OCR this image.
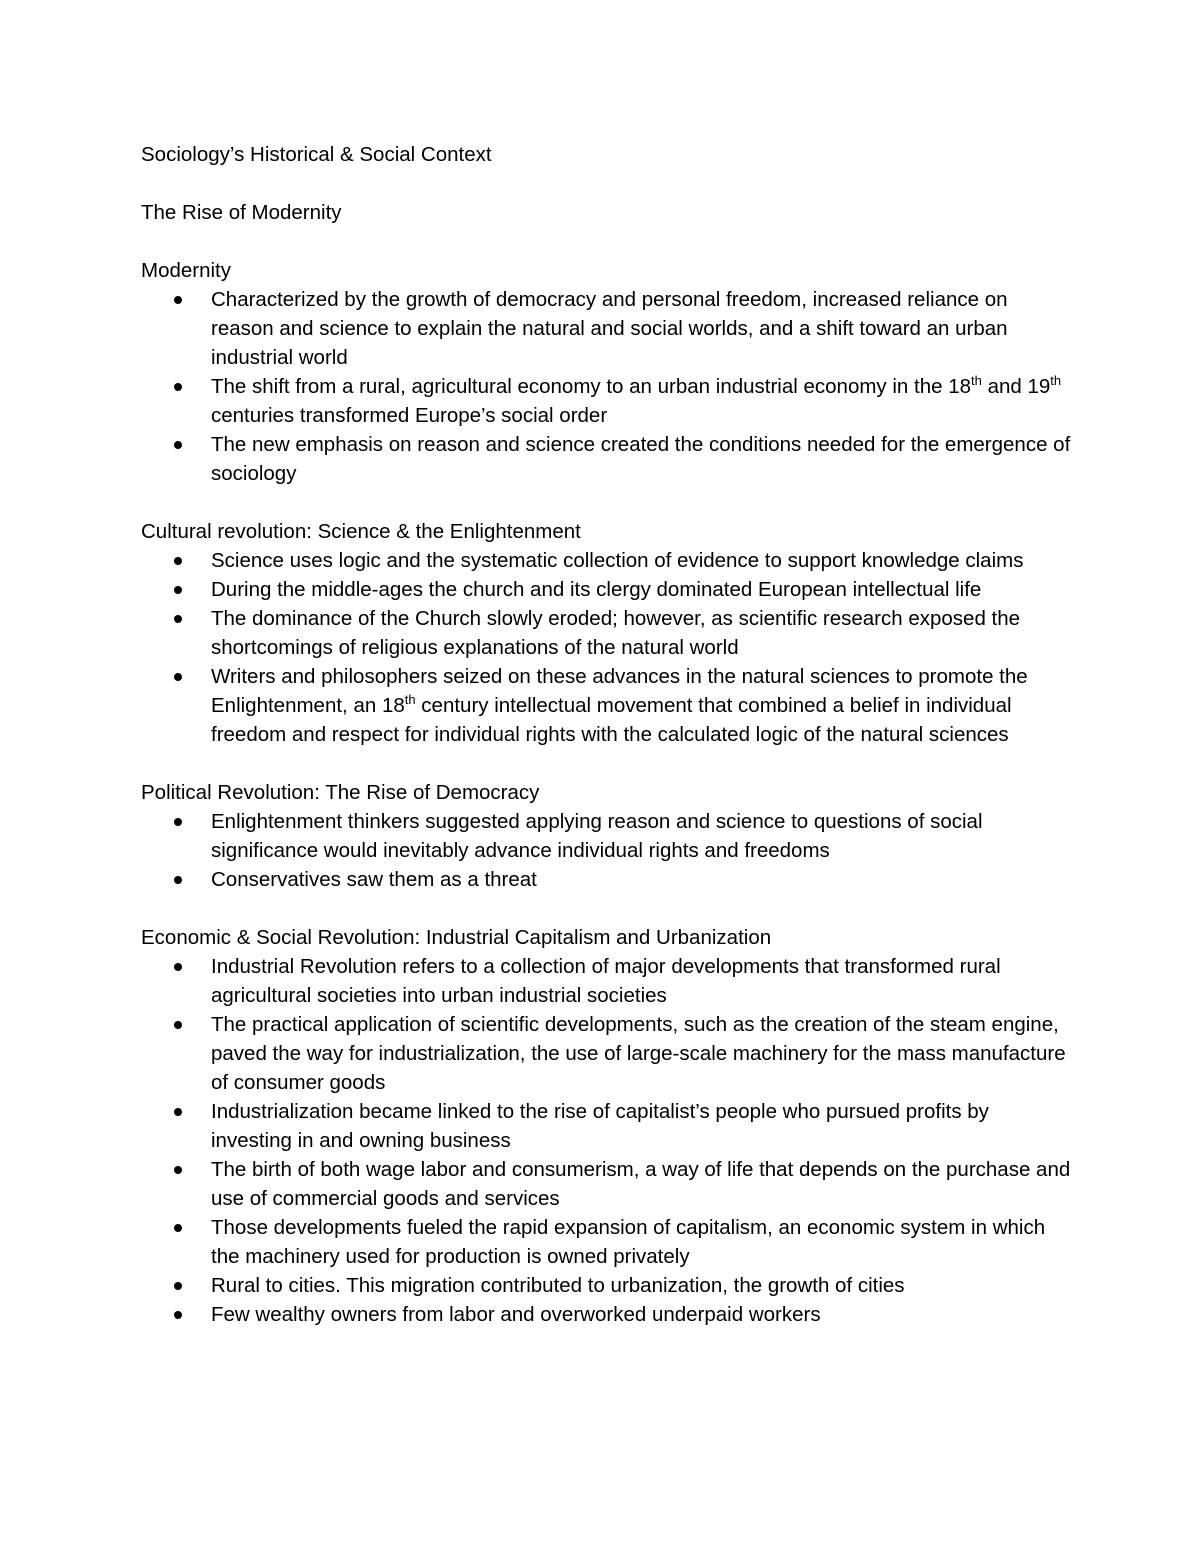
Sociology’s Historical & Social Context

The Rise of Modernity

Modernity

Characterized by the growth of democracy and personal freedom, increased reliance on reason and science to explain the natural and social worlds, and a shift toward an urban industrial world
The shift from a rural, agricultural economy to an urban industrial economy in the 18th and 19th centuries transformed Europe’s social order
The new emphasis on reason and science created the conditions needed for the emergence of sociology

Cultural revolution: Science & the Enlightenment

Science uses logic and the systematic collection of evidence to support knowledge claims
During the middle-ages the church and its clergy dominated European intellectual life
The dominance of the Church slowly eroded; however, as scientific research exposed the shortcomings of religious explanations of the natural world
Writers and philosophers seized on these advances in the natural sciences to promote the Enlightenment, an 18th century intellectual movement that combined a belief in individual freedom and respect for individual rights with the calculated logic of the natural sciences

Political Revolution: The Rise of Democracy

Enlightenment thinkers suggested applying reason and science to questions of social significance would inevitably advance individual rights and freedoms
Conservatives saw them as a threat

Economic & Social Revolution: Industrial Capitalism and Urbanization

Industrial Revolution refers to a collection of major developments that transformed rural agricultural societies into urban industrial societies
The practical application of scientific developments, such as the creation of the steam engine, paved the way for industrialization, the use of large-scale machinery for the mass manufacture of consumer goods
Industrialization became linked to the rise of capitalist’s people who pursued profits by investing in and owning business
The birth of both wage labor and consumerism, a way of life that depends on the purchase and use of commercial goods and services
Those developments fueled the rapid expansion of capitalism, an economic system in which the machinery used for production is owned privately
Rural to cities. This migration contributed to urbanization, the growth of cities
Few wealthy owners from labor and overworked underpaid workers
